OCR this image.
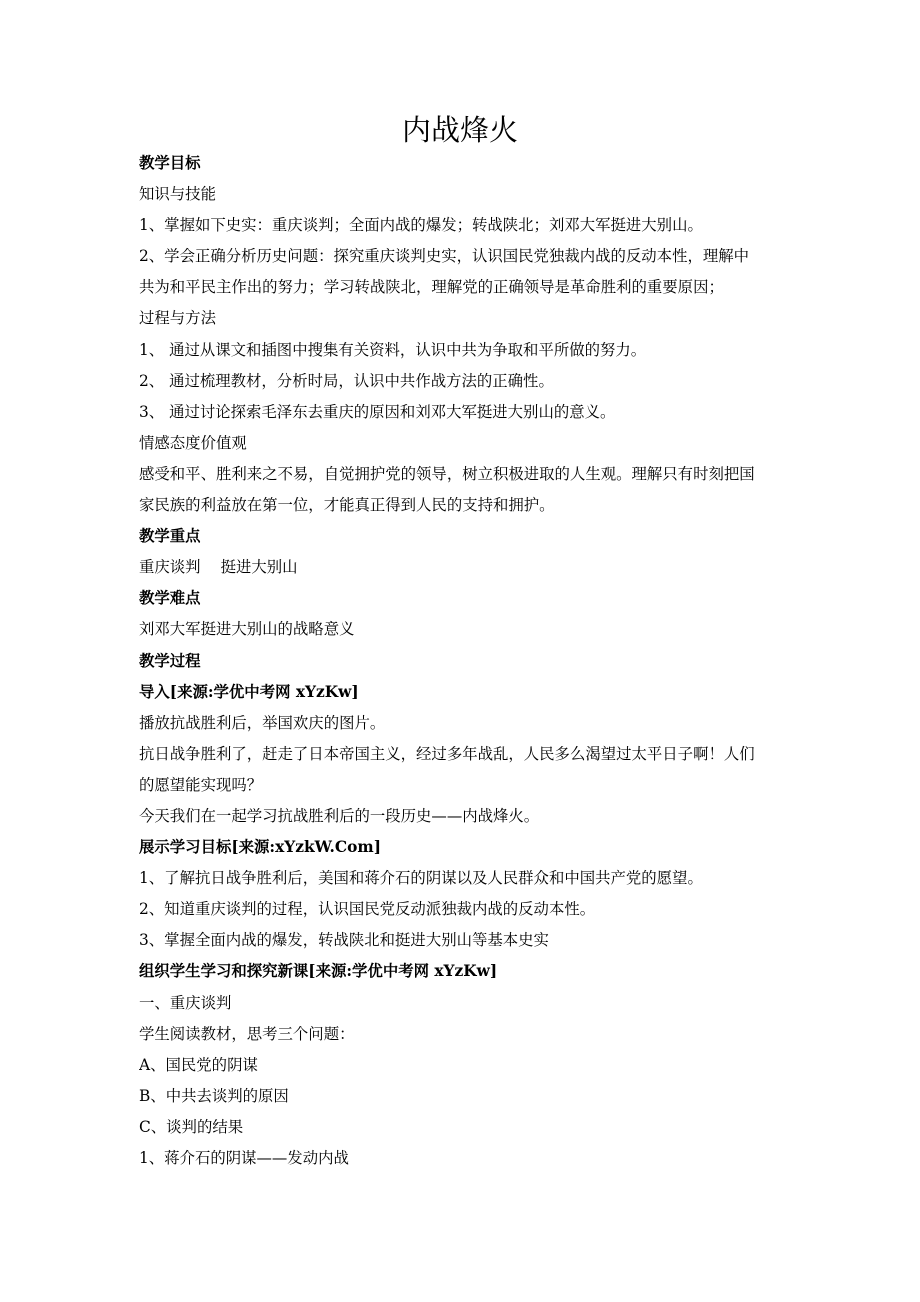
内战烽火
教学目标
知识与技能
1、掌握如下史实：重庆谈判；全面内战的爆发；转战陕北；刘邓大军挺进大别山。
2、学会正确分析历史问题：探究重庆谈判史实，认识国民党独裁内战的反动本性，理解中
共为和平民主作出的努力；学习转战陕北，理解党的正确领导是革命胜利的重要原因；
过程与方法
1、 通过从课文和插图中搜集有关资料，认识中共为争取和平所做的努力。
2、 通过梳理教材，分析时局，认识中共作战方法的正确性。
3、 通过讨论探索毛泽东去重庆的原因和刘邓大军挺进大别山的意义。
情感态度价值观
感受和平、胜利来之不易，自觉拥护党的领导，树立积极进取的人生观。理解只有时刻把国
家民族的利益放在第一位，才能真正得到人民的支持和拥护。
教学重点
重庆谈判 挺进大别山
教学难点
刘邓大军挺进大别山的战略意义
教学过程
导入[来源:学优中考网 xYzKw]
播放抗战胜利后，举国欢庆的图片。
抗日战争胜利了，赶走了日本帝国主义，经过多年战乱，人民多么渴望过太平日子啊！人们
的愿望能实现吗？
今天我们在一起学习抗战胜利后的一段历史——内战烽火。
展示学习目标[来源:xYzkW.Com]
1、了解抗日战争胜利后，美国和蒋介石的阴谋以及人民群众和中国共产党的愿望。
2、知道重庆谈判的过程，认识国民党反动派独裁内战的反动本性。
3、掌握全面内战的爆发，转战陕北和挺进大别山等基本史实
组织学生学习和探究新课[来源:学优中考网 xYzKw]
一、重庆谈判
学生阅读教材，思考三个问题：
A、国民党的阴谋
B、中共去谈判的原因
C、谈判的结果
1、蒋介石的阴谋——发动内战
